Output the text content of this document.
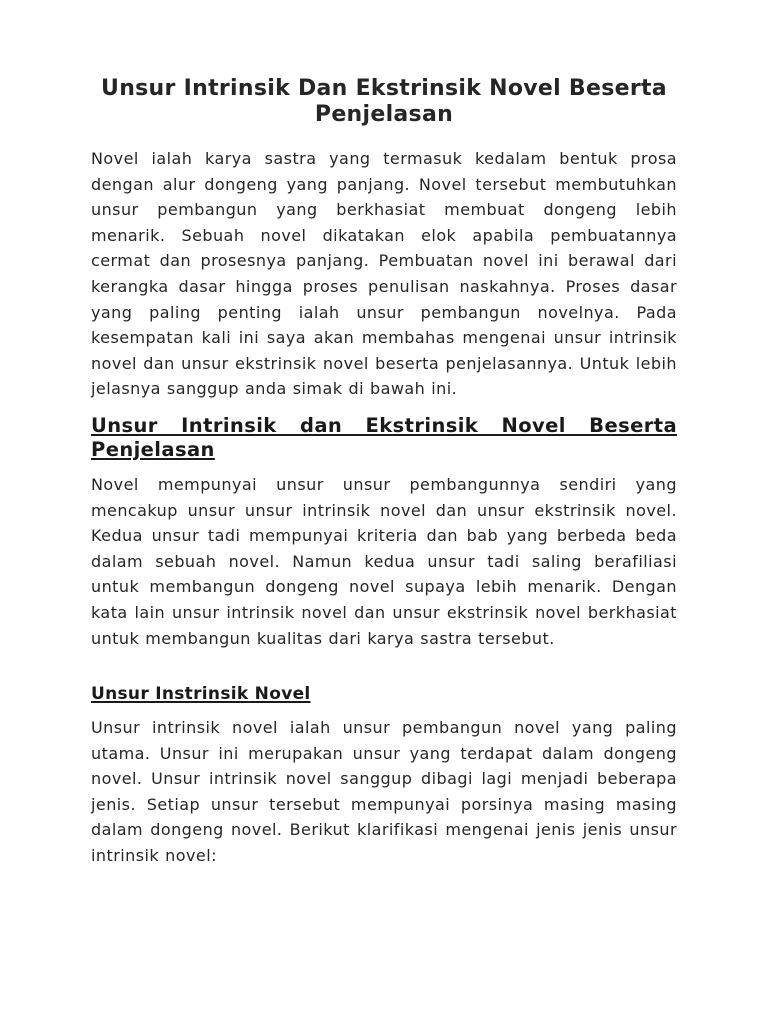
Unsur Intrinsik Dan Ekstrinsik Novel Beserta Penjelasan

Novel ialah karya sastra yang termasuk kedalam bentuk prosa dengan alur dongeng yang panjang. Novel tersebut membutuhkan unsur pembangun yang berkhasiat membuat dongeng lebih menarik. Sebuah novel dikatakan elok apabila pembuatannya cermat dan prosesnya panjang. Pembuatan novel ini berawal dari kerangka dasar hingga proses penulisan naskahnya. Proses dasar yang paling penting ialah unsur pembangun novelnya. Pada kesempatan kali ini saya akan membahas mengenai unsur intrinsik novel dan unsur ekstrinsik novel beserta penjelasannya. Untuk lebih jelasnya sanggup anda simak di bawah ini.

Unsur Intrinsik dan Ekstrinsik Novel Beserta Penjelasan

Novel mempunyai unsur unsur pembangunnya sendiri yang mencakup unsur unsur intrinsik novel dan unsur ekstrinsik novel. Kedua unsur tadi mempunyai kriteria dan bab yang berbeda beda dalam sebuah novel. Namun kedua unsur tadi saling berafiliasi untuk membangun dongeng novel supaya lebih menarik. Dengan kata lain unsur intrinsik novel dan unsur ekstrinsik novel berkhasiat untuk membangun kualitas dari karya sastra tersebut.

Unsur Instrinsik Novel

Unsur intrinsik novel ialah unsur pembangun novel yang paling utama. Unsur ini merupakan unsur yang terdapat dalam dongeng novel. Unsur intrinsik novel sanggup dibagi lagi menjadi beberapa jenis. Setiap unsur tersebut mempunyai porsinya masing masing dalam dongeng novel. Berikut klarifikasi mengenai jenis jenis unsur intrinsik novel:
